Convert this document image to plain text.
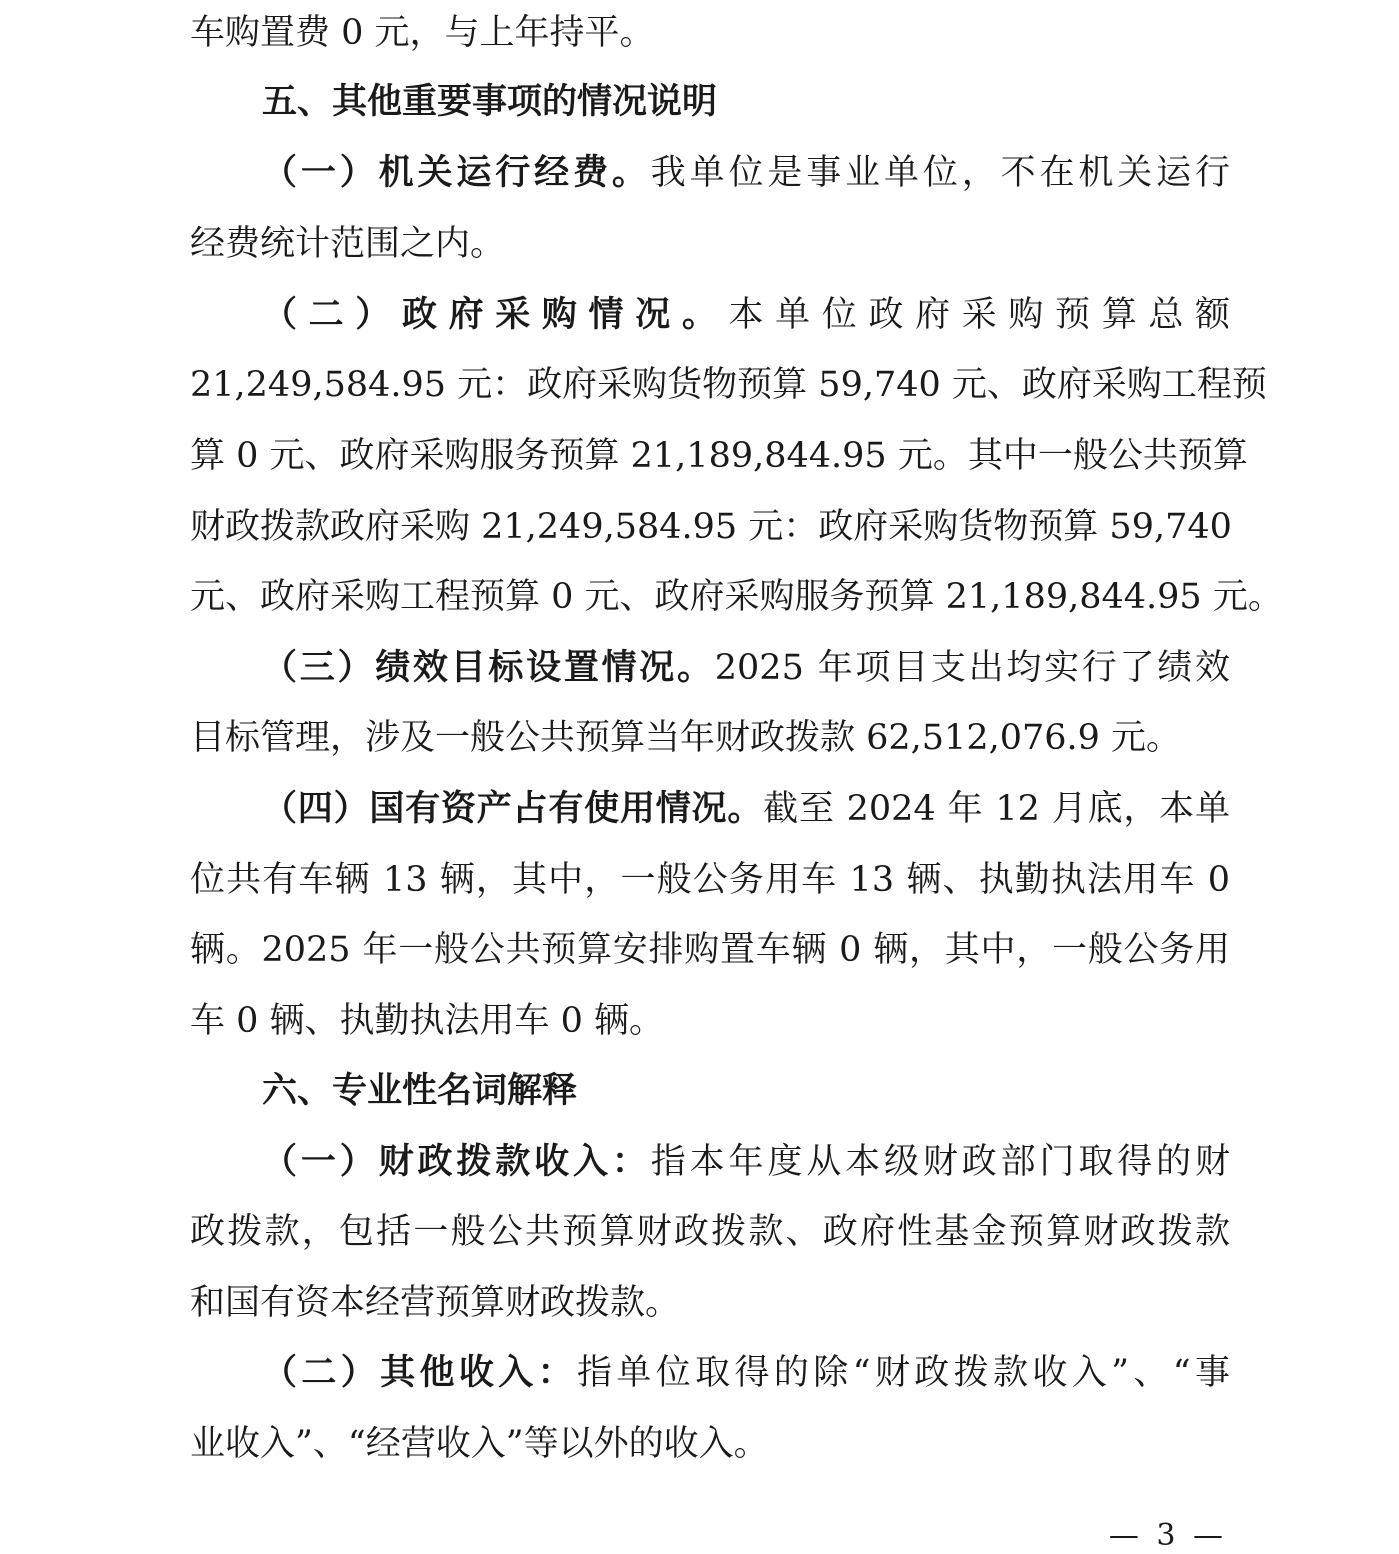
车购置费 0 元，与上年持平。
五、其他重要事项的情况说明
（一）机关运行经费。我单位是事业单位，不在机关运行
经费统计范围之内。
（二）政府采购情况。本单位政府采购预算总额
21,249,584.95 元：政府采购货物预算 59,740 元、政府采购工程预
算 0 元、政府采购服务预算 21,189,844.95 元。其中一般公共预算
财政拨款政府采购 21,249,584.95 元：政府采购货物预算 59,740
元、政府采购工程预算 0 元、政府采购服务预算 21,189,844.95 元。
（三）绩效目标设置情况。2025 年项目支出均实行了绩效
目标管理，涉及一般公共预算当年财政拨款 62,512,076.9 元。
（四）国有资产占有使用情况。截至 2024 年 12 月底，本单
位共有车辆 13 辆，其中，一般公务用车 13 辆、执勤执法用车 0
辆。2025 年一般公共预算安排购置车辆 0 辆，其中，一般公务用
车 0 辆、执勤执法用车 0 辆。
六、专业性名词解释
（一）财政拨款收入：指本年度从本级财政部门取得的财
政拨款，包括一般公共预算财政拨款、政府性基金预算财政拨款
和国有资本经营预算财政拨款。
（二）其他收入：指单位取得的除“财政拨款收入”、“事
业收入”、“经营收入”等以外的收入。
— 3 —
